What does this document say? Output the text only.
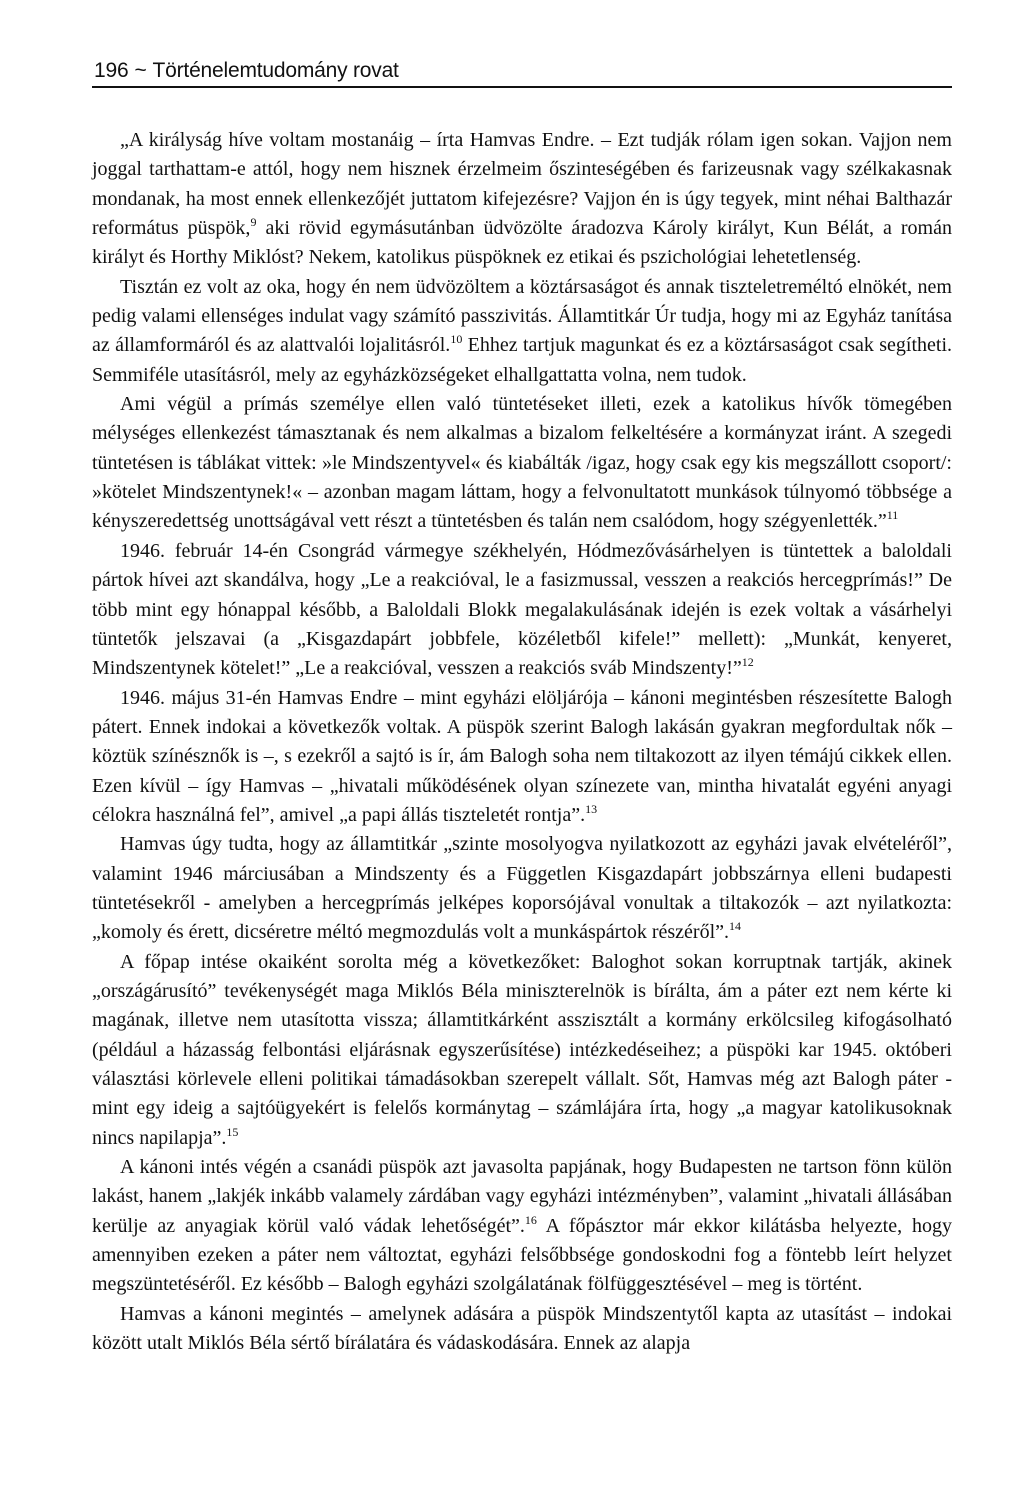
196 ~ Történelemtudomány rovat

„A királyság híve voltam mostanáig – írta Hamvas Endre. – Ezt tudják rólam igen sokan. Vajjon nem joggal tarthattam-e attól, hogy nem hisznek érzelmeim őszinteségében és farizeusnak vagy szélkakasnak mondanak, ha most ennek ellenkezőjét juttatom kifejezésre? Vajjon én is úgy tegyek, mint néhai Balthazár református püspök,$^9$ aki rövid egymásutánban üdvözölte áradozva Károly királyt, Kun Bélát, a román királyt és Horthy Miklóst? Nekem, katolikus püspöknek ez etikai és pszichológiai lehetetlenség.

Tisztán ez volt az oka, hogy én nem üdvözöltem a köztársaságot és annak tiszteletreméltó elnökét, nem pedig valami ellenséges indulat vagy számító passzivitás. Államtitkár Úr tudja, hogy mi az Egyház tanítása az államformáról és az alattvalói lojalitásról.$^{10}$ Ehhez tartjuk magunkat és ez a köztársaságot csak segítheti. Semmiféle utasításról, mely az egyházközségeket elhallgattatta volna, nem tudok.

Ami végül a prímás személye ellen való tüntetéseket illeti, ezek a katolikus hívők tömegében mélységes ellenkezést támasztanak és nem alkalmas a bizalom felkeltésére a kormányzat iránt. A szegedi tüntetésen is táblákat vittek: »le Mindszentyvel« és kiabálták /igaz, hogy csak egy kis megszállott csoport/: »kötelet Mindszentynek!« – azonban magam láttam, hogy a felvonultatott munkások túlnyomó többsége a kényszeredettség unottságával vett részt a tüntetésben és talán nem csalódom, hogy szégyenlették.”$^{11}$

1946. február 14-én Csongrád vármegye székhelyén, Hódmezővásárhelyen is tüntettek a baloldali pártok hívei azt skandálva, hogy „Le a reakcióval, le a fasizmussal, vesszen a reakciós hercegprímás!” De több mint egy hónappal később, a Baloldali Blokk megalakulásának idején is ezek voltak a vásárhelyi tüntetők jelszavai (a „Kisgazdapárt jobbfele, közéletből kifele!” mellett): „Munkát, kenyeret, Mindszentynek kötelet!” „Le a reakcióval, vesszen a reakciós sváb Mindszenty!”$^{12}$

1946. május 31-én Hamvas Endre – mint egyházi elöljárója – kánoni megintésben részesítette Balogh pátert. Ennek indokai a következők voltak. A püspök szerint Balogh lakásán gyakran megfordultak nők – köztük színésznők is –, s ezekről a sajtó is ír, ám Balogh soha nem tiltakozott az ilyen témájú cikkek ellen. Ezen kívül – így Hamvas – „hivatali működésének olyan színezete van, mintha hivatalát egyéni anyagi célokra használná fel”, amivel „a papi állás tiszteletét rontja”.$^{13}$

Hamvas úgy tudta, hogy az államtitkár „szinte mosolyogva nyilatkozott az egyházi javak elvételéről”, valamint 1946 márciusában a Mindszenty és a Független Kisgazdapárt jobbszárnya elleni budapesti tüntetésekről - amelyben a hercegprímás jelképes koporsójával vonultak a tiltakozók – azt nyilatkozta: „komoly és érett, dicséretre méltó megmozdulás volt a munkáspártok részéről”.$^{14}$

A főpap intése okaiként sorolta még a következőket: Baloghot sokan korruptnak tartják, akinek „országárusító” tevékenységét maga Miklós Béla miniszterelnök is bírálta, ám a páter ezt nem kérte ki magának, illetve nem utasította vissza; államtitkárként asszisztált a kormány erkölcsileg kifogásolható (például a házasság felbontási eljárásnak egyszerűsítése) intézkedéseihez; a püspöki kar 1945. októberi választási körlevele elleni politikai támadásokban szerepelt vállalt. Sőt, Hamvas még azt Balogh páter - mint egy ideig a sajtóügyekért is felelős kormánytag – számlájára írta, hogy „a magyar katolikusoknak nincs napilapja”.$^{15}$

A kánoni intés végén a csanádi püspök azt javasolta papjának, hogy Budapesten ne tartson fönn külön lakást, hanem „lakjék inkább valamely zárdában vagy egyházi intézményben”, valamint „hivatali állásában kerülje az anyagiak körül való vádak lehetőségét”.$^{16}$ A főpásztor már ekkor kilátásba helyezte, hogy amennyiben ezeken a páter nem változtat, egyházi felsőbbsége gondoskodni fog a föntebb leírt helyzet megszüntetéséről. Ez később – Balogh egyházi szolgálatának fölfüggesztésével – meg is történt.

Hamvas a kánoni megintés – amelynek adására a püspök Mindszentytől kapta az utasítást – indokai között utalt Miklós Béla sértő bírálatára és vádaskodására. Ennek az alapja
